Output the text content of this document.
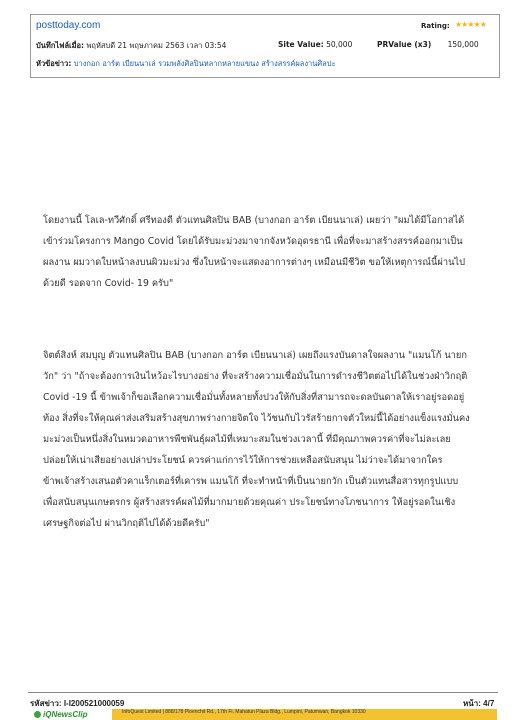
posttoday.com	Rating: ★★★★★
บันทึกไฟล์เมื่อ: พฤหัสบดี 21 พฤษภาคม 2563 เวลา 03:54	Site Value: 50,000	PRValue (x3) 150,000
หัวข้อข่าว: บางกอก อาร์ต เบียนนาเล่ รวมพลังศิลปินหลากหลายแขนง สร้างสรรค์ผลงานศิลปะ

โดยงานนี้ โลเล-ทวีศักดิ์ ศรีทองดี ตัวแทนศิลปิน BAB (บางกอก อาร์ต เบียนนาเล่) เผยว่า "ผมได้มีโอกาสได้เข้าร่วมโครงการ Mango Covid โดยได้รับมะม่วงมาจากจังหวัดอุดรธานี เพื่อที่จะมาสร้างสรรค์ออกมาเป็นผลงาน ผมวาดใบหน้าลงบนผิวมะม่วง ซึ่งใบหน้าจะแสดงอาการต่างๆ เหมือนมีชีวิต ขอให้เหตุการณ์นี้ผ่านไปด้วยดี รอดจาก Covid- 19 ครับ"

จิตต์สิงห์ สมบุญ ตัวแทนศิลปิน BAB (บางกอก อาร์ต เบียนนาเล่) เผยถึงแรงบันดาลใจผลงาน "แมนโก้ นายกวัก" ว่า "ถ้าจะต้องการเงินไหว้อะไรบางอย่าง ที่จะสร้างความเชื่อมั่นในการดำรงชีวิตต่อไปได้ในช่วงฝ่าวิกฤติ Covid -19 นี้ ข้าพเจ้าก็ขอเลือกความเชื่อมั่นทั้งหลายทั้งปวงให้กับสิ่งที่สามารถจะดลบันดาลให้เราอยู่รอดอยู่ท้อง สิ่งที่จะให้คุณค่าส่งเสริมสร้างสุขภาพร่างกายจิตใจ ไว้ชนกับไวรัสร้ายกาจตัวใหม่นี้ได้อย่างแข็งแรงมั่นคง มะม่วงเป็นหนึ่งสิ่งในหมวดอาหารพืชพันธุ์ผลไม้ที่เหมาะสมในช่วงเวลานี้ ที่มีคุณภาพควรค่าที่จะไม่ละเลย ปล่อยให้เน่าเสียอย่างเปล่าประโยชน์ ควรค่าแก่การไว้ให้การช่วยเหลือสนับสนุน ไม่ว่าจะได้มาจากใครข้าพเจ้าสร้างเสนอตัวคาแร็กเตอร์ที่เคารพ แมนโก้ ที่จะทำหน้าที่เป็นนายกวัก เป็นตัวแทนสื่อสารทุกรูปแบบเพื่อสนับสนุนเกษตรกร ผู้สร้างสรรค์ผลไม้ที่มากมายด้วยคุณค่า ประโยชน์ทางโภชนาการ ให้อยู่รอดในเชิงเศรษฐกิจต่อไป ผ่านวิกฤติไปได้ด้วยดีครับ"

รหัสข่าว: I-I200521000059	หน้า: 4/7
iQNewsClip	InfoQuest Limited | 888/178 Ploenchit Rd., 17th Fl. Mahatun Plaza Bldg., Lumpini, Patumwan, Bangkok 10330
